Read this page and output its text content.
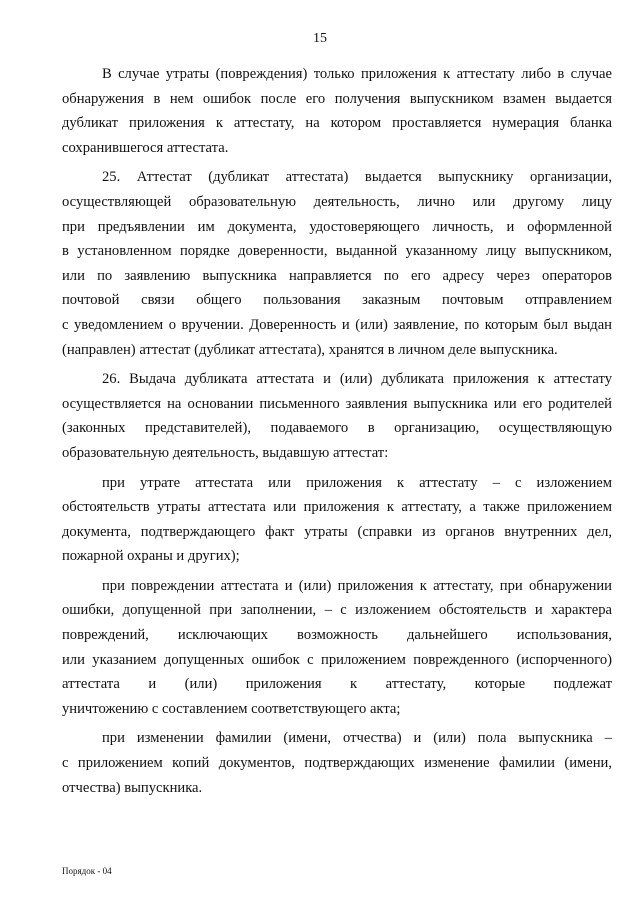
15
В случае утраты (повреждения) только приложения к аттестату либо в случае
обнаружения в нем ошибок после его получения выпускником взамен выдается
дубликат приложения к аттестату, на котором проставляется нумерация бланка
сохранившегося аттестата.
25. Аттестат (дубликат аттестата) выдается выпускнику организации,
осуществляющей образовательную деятельность, лично или другому лицу
при предъявлении им документа, удостоверяющего личность, и оформленной
в установленном порядке доверенности, выданной указанному лицу выпускником,
или по заявлению выпускника направляется по его адресу через операторов
почтовой связи общего пользования заказным почтовым отправлением
с уведомлением о вручении. Доверенность и (или) заявление, по которым был выдан
(направлен) аттестат (дубликат аттестата), хранятся в личном деле выпускника.
26. Выдача дубликата аттестата и (или) дубликата приложения к аттестату
осуществляется на основании письменного заявления выпускника или его родителей
(законных представителей), подаваемого в организацию, осуществляющую
образовательную деятельность, выдавшую аттестат:
при утрате аттестата или приложения к аттестату – с изложением
обстоятельств утраты аттестата или приложения к аттестату, а также приложением
документа, подтверждающего факт утраты (справки из органов внутренних дел,
пожарной охраны и других);
при повреждении аттестата и (или) приложения к аттестату, при обнаружении
ошибки, допущенной при заполнении, – с изложением обстоятельств и характера
повреждений, исключающих возможность дальнейшего использования,
или указанием допущенных ошибок с приложением поврежденного (испорченного)
аттестата и (или) приложения к аттестату, которые подлежат
уничтожению с составлением соответствующего акта;
при изменении фамилии (имени, отчества) и (или) пола выпускника –
с приложением копий документов, подтверждающих изменение фамилии (имени,
отчества) выпускника.
Порядок - 04
